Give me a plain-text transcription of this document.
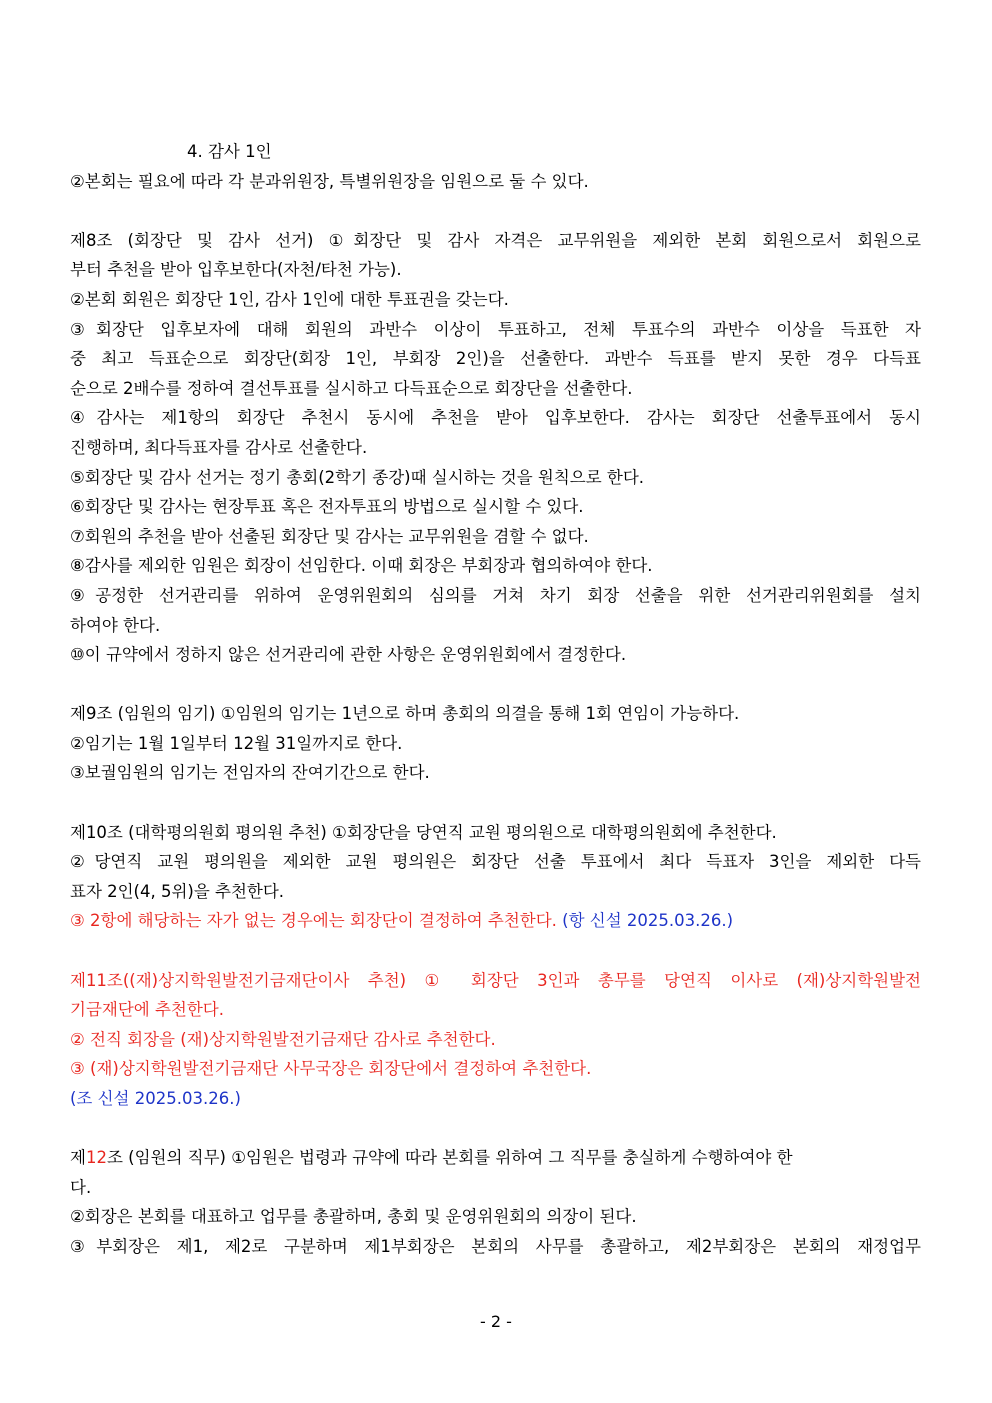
4. 감사 1인
②본회는 필요에 따라 각 분과위원장, 특별위원장을 임원으로 둘 수 있다.
제8조 (회장단 및 감사 선거) ①회장단 및 감사 자격은 교무위원을 제외한 본회 회원으로서 회원으로
부터 추천을 받아 입후보한다(자천/타천 가능).
②본회 회원은 회장단 1인, 감사 1인에 대한 투표권을 갖는다.
③회장단 입후보자에 대해 회원의 과반수 이상이 투표하고, 전체 투표수의 과반수 이상을 득표한 자
중 최고 득표순으로 회장단(회장 1인, 부회장 2인)을 선출한다. 과반수 득표를 받지 못한 경우 다득표
순으로 2배수를 정하여 결선투표를 실시하고 다득표순으로 회장단을 선출한다.
④감사는 제1항의 회장단 추천시 동시에 추천을 받아 입후보한다. 감사는 회장단 선출투표에서 동시
진행하며, 최다득표자를 감사로 선출한다.
⑤회장단 및 감사 선거는 정기 총회(2학기 종강)때 실시하는 것을 원칙으로 한다.
⑥회장단 및 감사는 현장투표 혹은 전자투표의 방법으로 실시할 수 있다.
⑦회원의 추천을 받아 선출된 회장단 및 감사는 교무위원을 겸할 수 없다.
⑧감사를 제외한 임원은 회장이 선임한다. 이때 회장은 부회장과 협의하여야 한다.
⑨공정한 선거관리를 위하여 운영위원회의 심의를 거쳐 차기 회장 선출을 위한 선거관리위원회를 설치
하여야 한다.
⑩이 규약에서 정하지 않은 선거관리에 관한 사항은 운영위원회에서 결정한다.
제9조 (임원의 임기) ①임원의 임기는 1년으로 하며 총회의 의결을 통해 1회 연임이 가능하다.
②임기는 1월 1일부터 12월 31일까지로 한다.
③보궐임원의 임기는 전임자의 잔여기간으로 한다.
제10조 (대학평의원회 평의원 추천) ①회장단을 당연직 교원 평의원으로 대학평의원회에 추천한다.
②당연직 교원 평의원을 제외한 교원 평의원은 회장단 선출 투표에서 최다 득표자 3인을 제외한 다득
표자 2인(4, 5위)을 추천한다.
③ 2항에 해당하는 자가 없는 경우에는 회장단이 결정하여 추천한다. (항 신설 2025.03.26.)
제11조((재)상지학원발전기금재단이사 추천) ① 회장단 3인과 총무를 당연직 이사로 (재)상지학원발전
기금재단에 추천한다.
② 전직 회장을 (재)상지학원발전기금재단 감사로 추천한다.
③ (재)상지학원발전기금재단 사무국장은 회장단에서 결정하여 추천한다.
(조 신설 2025.03.26.)
제12조 (임원의 직무) ①임원은 법령과 규약에 따라 본회를 위하여 그 직무를 충실하게 수행하여야 한
다.
②회장은 본회를 대표하고 업무를 총괄하며, 총회 및 운영위원회의 의장이 된다.
③부회장은 제1, 제2로 구분하며 제1부회장은 본회의 사무를 총괄하고, 제2부회장은 본회의 재정업무
- 2 -
